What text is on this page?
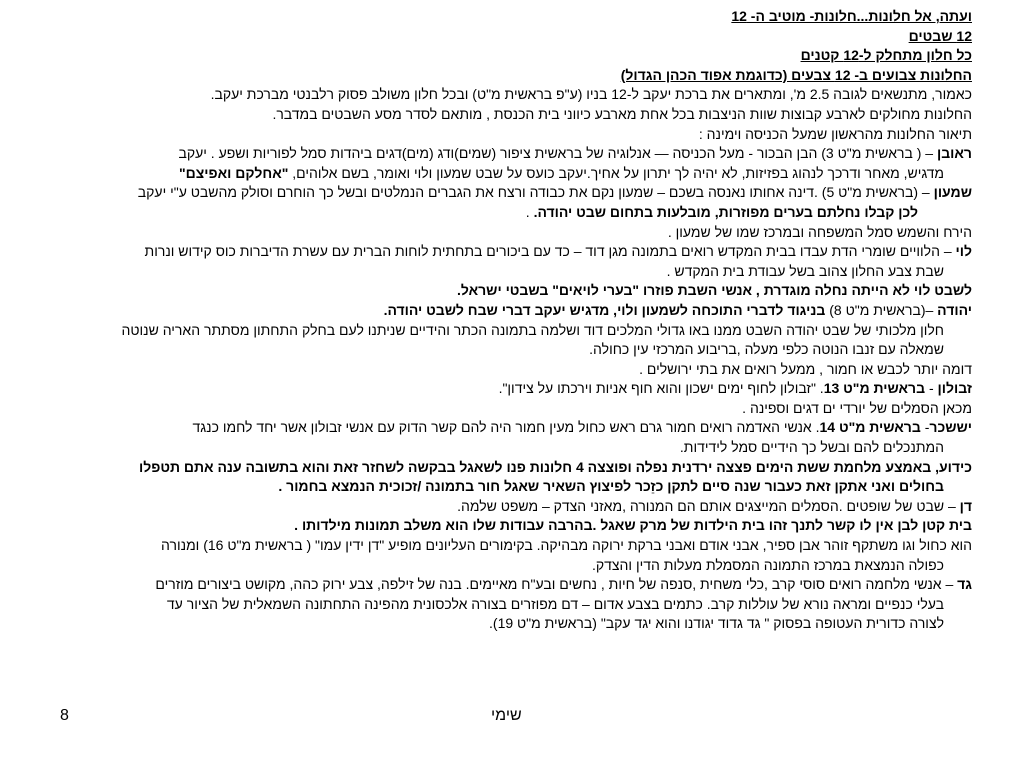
ועתה, אל חלונות...חלונות- מוטיב ה- 12
12 שבטים
כל חלון מתחלק ל-12 קטנים
החלונות צבועים ב- 12 צבעים (כדוגמת אפוד הכהן הגדול)
כאמור, מתנשאים לגובה 2.5 מ', ומתארים את ברכת יעקב ל-12 בניו (ע"פ בראשית מ"ט) ובכל חלון משולב פסוק רלבנטי מברכת יעקב.
החלונות מחולקים לארבע קבוצות שוות הניצבות בכל אחת מארבע כיווני בית הכנסת , מותאם לסדר מסע השבטים במדבר.
תיאור החלונות מהראשון שמעל הכניסה וימינה :
ראובן – ( בראשית מ"ט 3) הבן הבכור - מעל הכניסה — אנלוגיה של בראשית ציפור (שמים)ודג (מים)דגים ביהדות סמל לפוריות ושפע . יעקב
מדגיש, מאחר ודרכך לנהוג בפזיזות, לא יהיה לך יתרון על אחיך.יעקב כועס על שבט שמעון ולוי ואומר, בשם אלוהים, "אחלקם ואפיצם"
שמעון – (בראשית מ"ט 5) .דינה אחותו נאנסה בשכם – שמעון נקם את כבודה ורצח את הגברים הנמלטים ובשל כך הוחרם וסולק מהשבט ע"י יעקב
לכן קבלו נחלתם בערים מפוזרות, מובלעות בתחום שבט יהודה. .
הירח והשמש סמל המשפחה ובמרכז שמו של שמעון .
לוי – הלוויים שומרי הדת עבדו בבית המקדש רואים בתמונה מגן דוד – כד עם ביכורים בתחתית לוחות הברית עם עשרת הדיברות כוס קידוש ונרות
שבת צבע החלון צהוב בשל עבודת בית המקדש .
לשבט לוי לא הייתה נחלה מוגדרת , אנשי השבת פוזרו "בערי לויאים" בשבטי ישראל.
יהודה –(בראשית מ"ט 8) בניגוד לדברי התוכחה לשמעון ולוי, מדגיש יעקב דברי שבח לשבט יהודה.
חלון מלכותי של שבט יהודה השבט ממנו באו גדולי המלכים דוד ושלמה בתמונה הכתר והידיים שניתנו לעם בחלק התחתון מסתתר האריה שנוטה
שמאלה עם זנבו הנוטה כלפי מעלה ,בריבוע המרכזי עין כחולה.
דומה יותר לכבש או חמור , ממעל רואים את בתי ירושלים .
זבולון - בראשית מ"ט 13. "זבולון לחוף ימים ישכון והוא חוף אניות וירכתו על צידון".
מכאן הסמלים של יורדי ים דגים וספינה .
יששכר- בראשית מ"ט 14. אנשי האדמה רואים חמור גרם ראש כחול מעין חמור היה להם קשר הדוק עם אנשי זבולון אשר יחד לחמו כנגד
המתנכלים להם ובשל כך הידיים סמל לידידות.
כידוע, באמצע מלחמת ששת הימים פצצה ירדנית נפלה ופוצצה 4 חלונות פנו לשאגל בבקשה לשחזר זאת והוא בתשובה ענה אתם תטפלו
בחולים ואני אתקן זאת כעבור שנה סיים לתקן כזֵכר לפיצוץ השאיר שאגל חור בתמונה /זכוכית הנמצא בחמור .
דן – שבט של שופטים .הסמלים המייצגים אותם הם המנורה ,מאזני הצדק – משפט שלמה.
בית קטן לבן אין לו קשר לתנך זהו בית הילדות של מרק שאגל .בהרבה עבודות שלו הוא משלב תמונות מילדותו .
הוא כחול וגו משתקף זוהר אבן ספיר, אבני אודם ואבני ברקת ירוקה מבהיקה. בקימורים העליונים מופיע "דן ידין עמו" ( בראשית מ"ט 16) ומנורה
כפולה הנמצאת במרכז התמונה המסמלת מעלות הדין והצדק.
גד – אנשי מלחמה רואים סוסי קרב ,כלי משחית ,סנפה של חיות , נחשים ובע"ח מאיימים. בנה של זילפה, צבע ירוק כהה, מקושט ביצורים מוזרים
בעלי כנפיים ומראה נורא של עוללות קרב. כתמים בצבע אדום – דם מפוזרים בצורה אלכסונית מהפינה התחתונה השמאלית של הציור עד
לצורה כדורית העטופה בפסוק " גד גדוד יגודנו והוא יגד עקב" (בראשית מ"ט 19).
שימי
8
